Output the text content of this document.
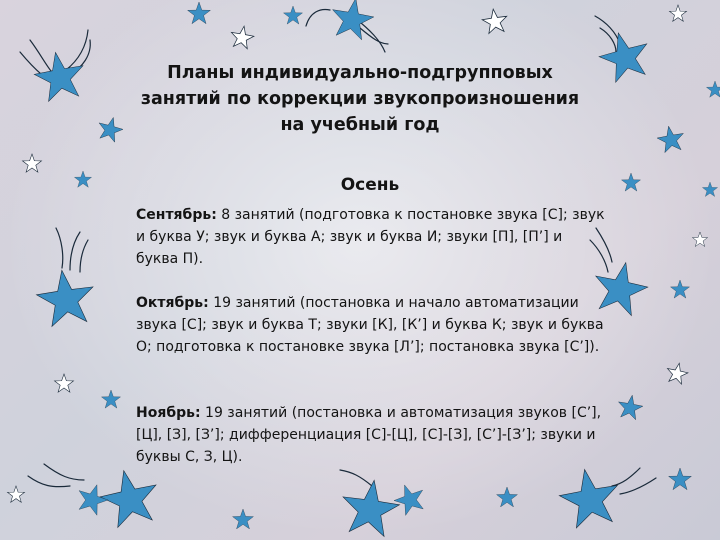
Планы индивидуально-подгрупповых
занятий по коррекции звукопроизношения
на учебный год
Осень

Сентябрь: 8 занятий (подготовка к постановке звука [С]; звук и буква У; звук и буква А; звук и буква И; звуки [П], [П’] и буква П).

Октябрь: 19 занятий (постановка и начало автоматизации звука [С]; звук и буква Т; звуки [К], [К’] и буква К; звук и буква О; подготовка к постановке звука [Л’]; постановка звука [С’]).

Ноябрь: 19 занятий (постановка и автоматизация звуков [С’], [Ц], [З], [З’]; дифференциация [С]-[Ц], [С]-[З], [С’]-[З’]; звуки и буквы С, З, Ц).
